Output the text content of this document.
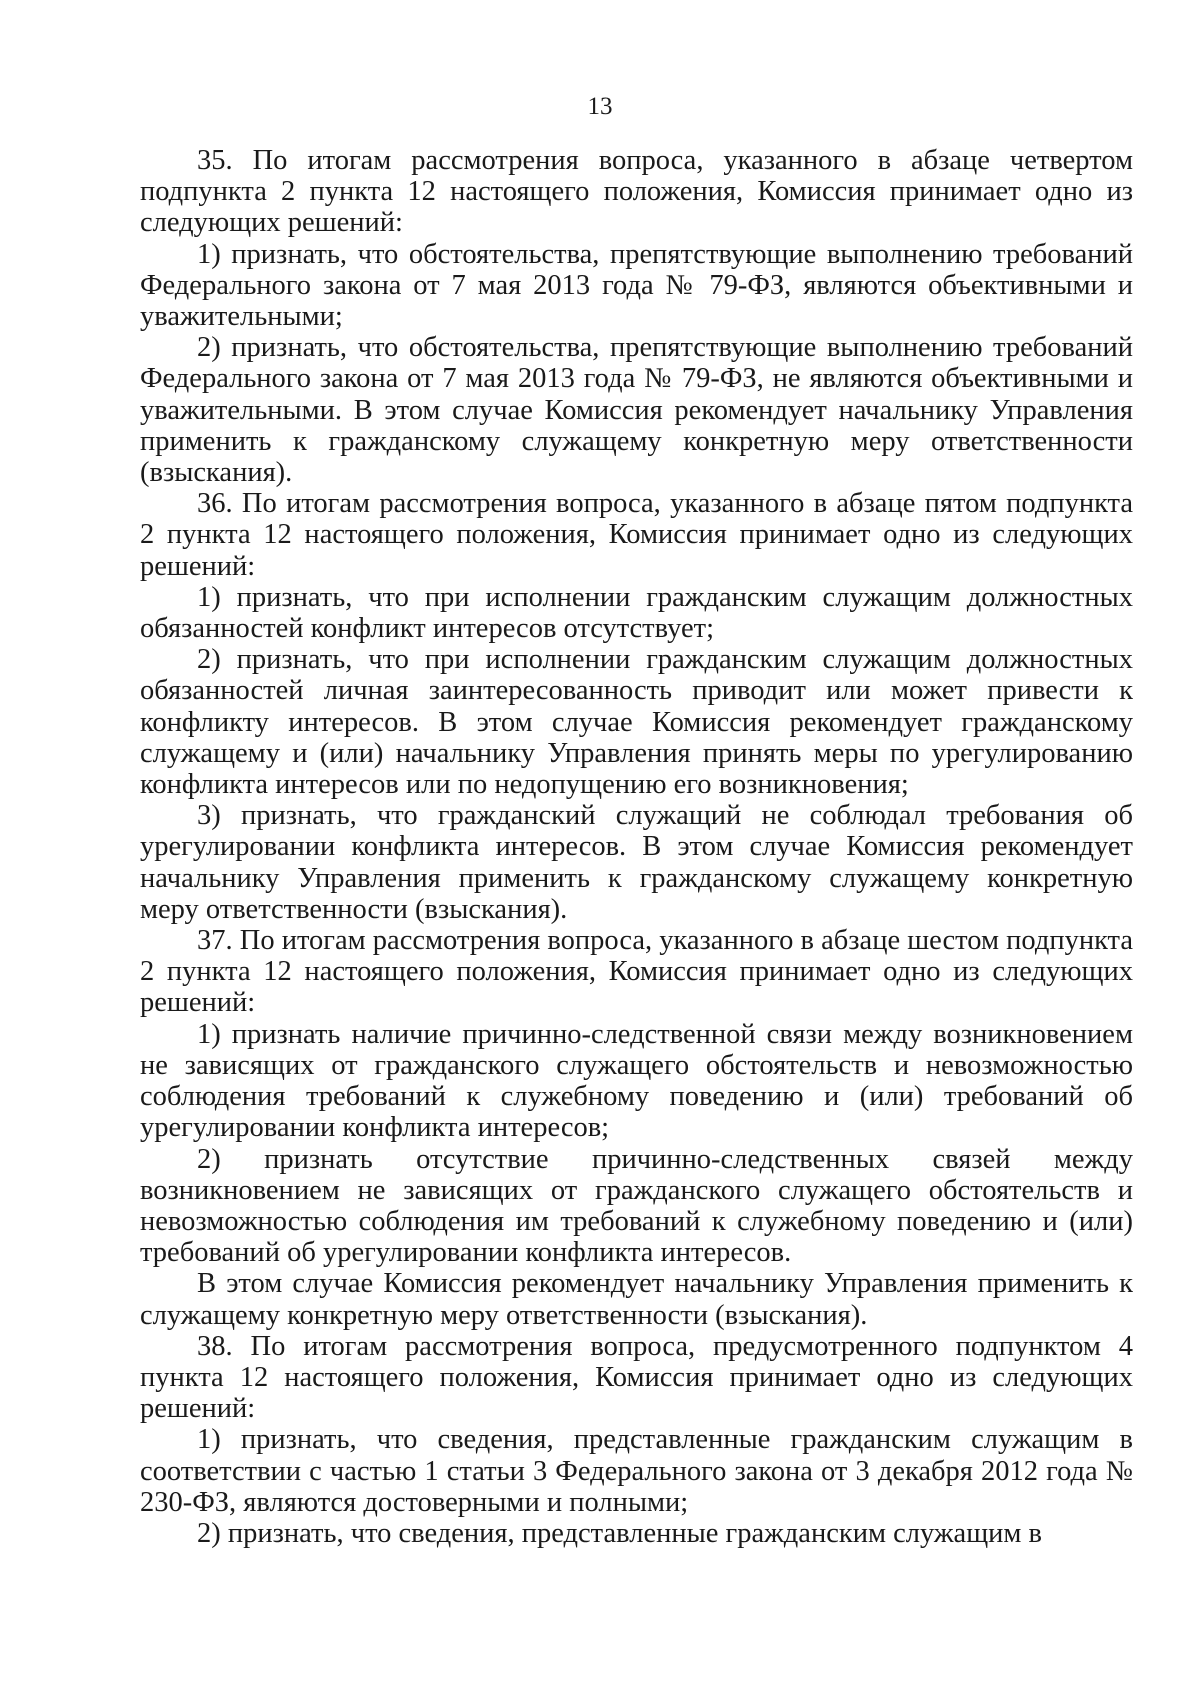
13

35. По итогам рассмотрения вопроса, указанного в абзаце четвертом подпункта 2 пункта 12 настоящего положения, Комиссия принимает одно из следующих решений:

1) признать, что обстоятельства, препятствующие выполнению требований Федерального закона от 7 мая 2013 года № 79-ФЗ, являются объективными и уважительными;

2) признать, что обстоятельства, препятствующие выполнению требований Федерального закона от 7 мая 2013 года № 79-ФЗ, не являются объективными и уважительными. В этом случае Комиссия рекомендует начальнику Управления применить к гражданскому служащему конкретную меру ответственности (взыскания).

36. По итогам рассмотрения вопроса, указанного в абзаце пятом подпункта 2 пункта 12 настоящего положения, Комиссия принимает одно из следующих решений:

1) признать, что при исполнении гражданским служащим должностных обязанностей конфликт интересов отсутствует;

2) признать, что при исполнении гражданским служащим должностных обязанностей личная заинтересованность приводит или может привести к конфликту интересов. В этом случае Комиссия рекомендует гражданскому служащему и (или) начальнику Управления принять меры по урегулированию конфликта интересов или по недопущению его возникновения;

3) признать, что гражданский служащий не соблюдал требования об урегулировании конфликта интересов. В этом случае Комиссия рекомендует начальнику Управления применить к гражданскому служащему конкретную меру ответственности (взыскания).

37. По итогам рассмотрения вопроса, указанного в абзаце шестом подпункта 2 пункта 12 настоящего положения, Комиссия принимает одно из следующих решений:

1) признать наличие причинно-следственной связи между возникновением не зависящих от гражданского служащего обстоятельств и невозможностью соблюдения требований к служебному поведению и (или) требований об урегулировании конфликта интересов;

2) признать отсутствие причинно-следственных связей между возникновением не зависящих от гражданского служащего обстоятельств и невозможностью соблюдения им требований к служебному поведению и (или) требований об урегулировании конфликта интересов.

В этом случае Комиссия рекомендует начальнику Управления применить к служащему конкретную меру ответственности (взыскания).

38. По итогам рассмотрения вопроса, предусмотренного подпунктом 4 пункта 12 настоящего положения, Комиссия принимает одно из следующих решений:

1) признать, что сведения, представленные гражданским служащим в соответствии с частью 1 статьи 3 Федерального закона от 3 декабря 2012 года № 230-ФЗ, являются достоверными и полными;

2) признать, что сведения, представленные гражданским служащим в
